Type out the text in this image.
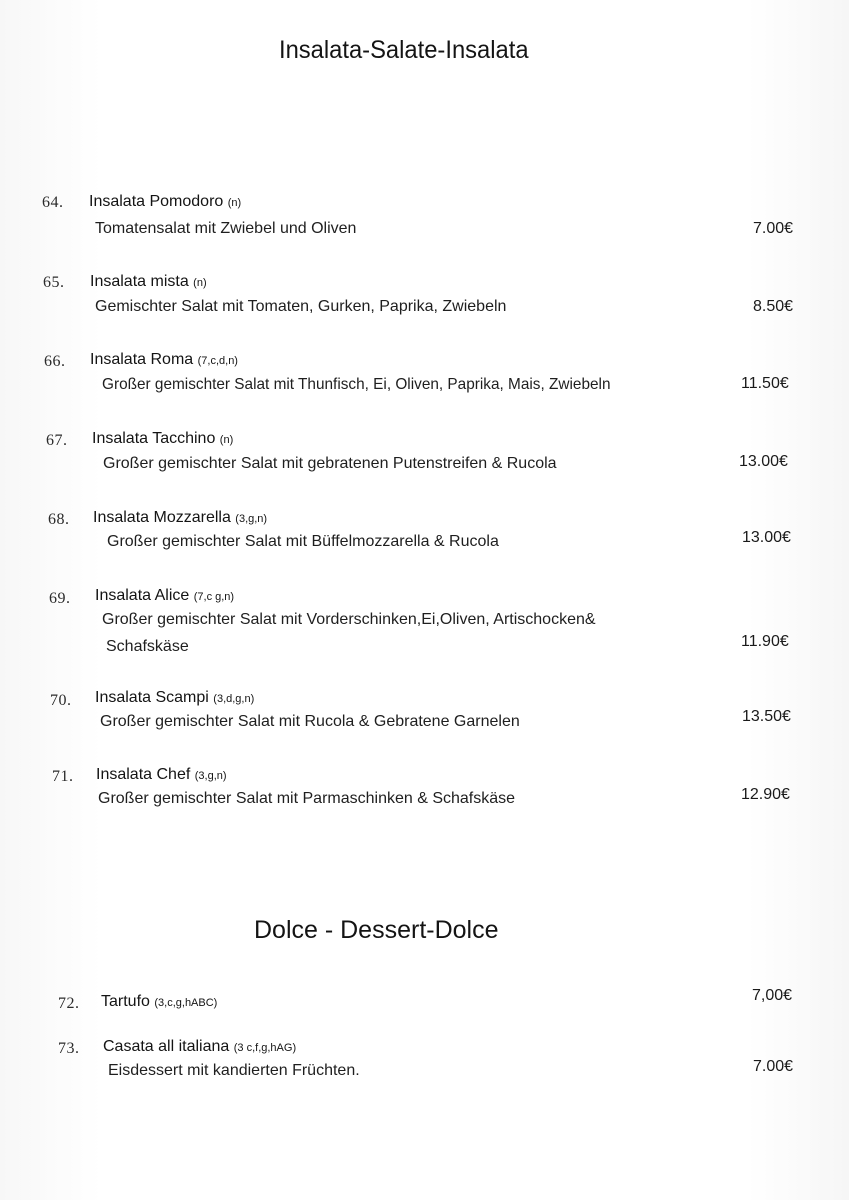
Insalata-Salate-Insalata
64. Insalata Pomodoro (n)
Tomatensalat mit Zwiebel und Oliven	7.00€
65. Insalata mista (n)
Gemischter Salat mit Tomaten, Gurken, Paprika, Zwiebeln	8.50€
66. Insalata Roma (7,c,d,n)
Großer gemischter Salat mit Thunfisch, Ei, Oliven, Paprika, Mais, Zwiebeln	11.50€
67. Insalata Tacchino (n)
Großer gemischter Salat mit gebratenen Putenstreifen & Rucola	13.00€
68. Insalata Mozzarella (3,g,n)
Großer gemischter Salat mit Büffelmozzarella & Rucola	13.00€
69. Insalata Alice (7,c g,n)
Großer gemischter Salat mit Vorderschinken,Ei,Oliven, Artischocken&
Schafskäse	11.90€
70. Insalata Scampi (3,d,g,n)
Großer gemischter Salat mit Rucola & Gebratene Garnelen	13.50€
71. Insalata Chef (3,g,n)
Großer gemischter Salat mit Parmaschinken & Schafskäse	12.90€
Dolce - Dessert-Dolce
72. Tartufo (3,c,g,hABC)	7,00€
73. Casata all italiana (3 c,f,g,hAG)
Eisdessert mit kandierten Früchten.	7.00€
